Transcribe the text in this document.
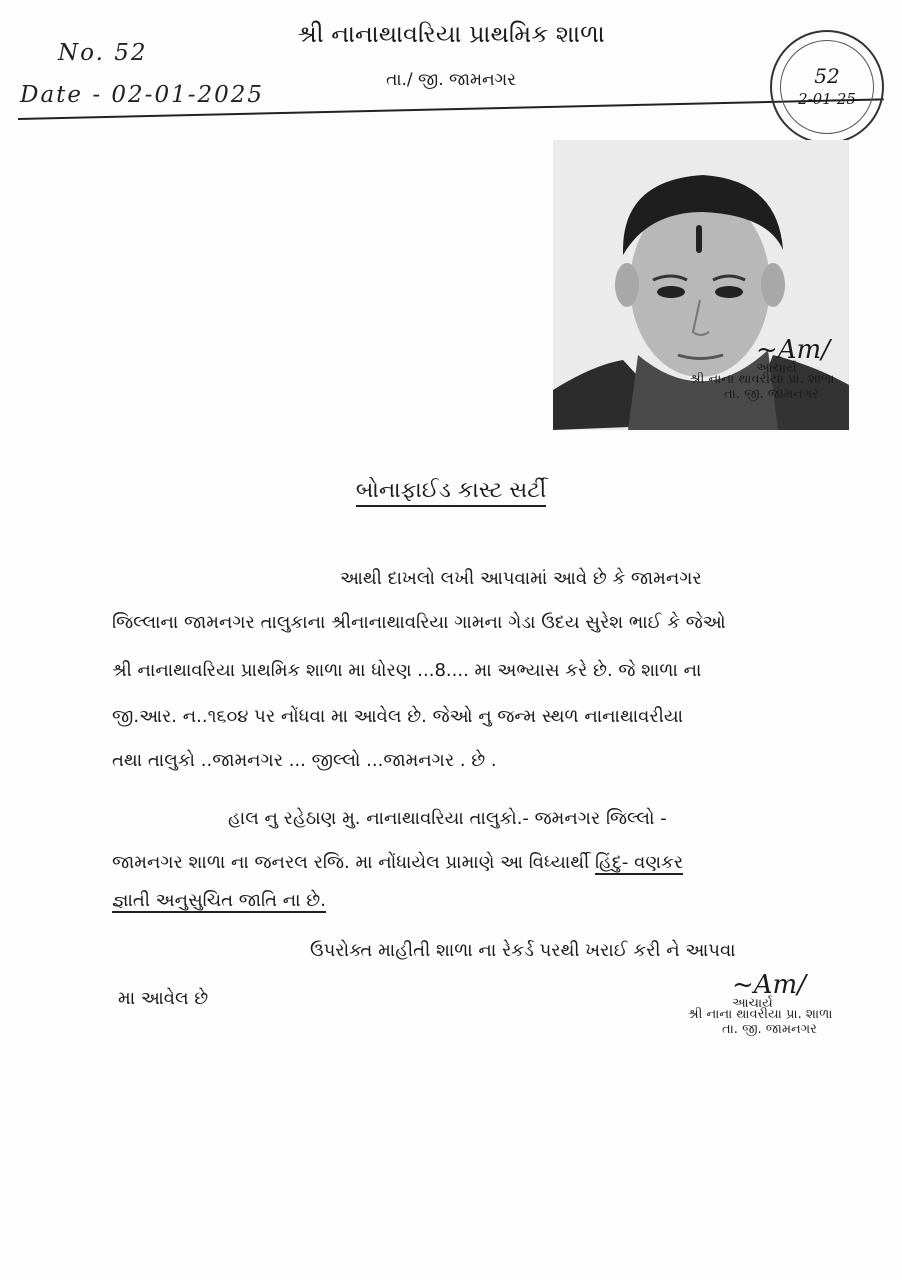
No. 52
Date - 02-01-2025
શ્રી નાનાથાવરિયા પ્રાથમિક શાળા
તા./ જી. જામનગર	52
2-01-25
~Am/
આચાર્ય
શ્રી નાના થાવરીયા પ્રા. શાળા
તા. જી. જામનગર
બોનાફાઈડ કાસ્ટ સર્ટી
આથી દાખલો લખી આપવામાં આવે છે કે જામનગર
જિલ્લાના જામનગર તાલુકાના શ્રીનાનાથાવરિયા ગામના ગેડા ઉદય સુરેશ ભાઈ કે જેઓ
શ્રી નાનાથાવરિયા પ્રાથમિક શાળા મા ધોરણ ...8.... મા અભ્યાસ કરે છે. જે શાળા ના
જી.આર. ન..૧૬૦૪ પર નોંધવા મા આવેલ છે. જેઓ નુ જન્મ સ્થળ નાનાથાવરીયા
તથા તાલુકો ..જામનગર ... જીલ્લો ...જામનગર . છે .
હાલ નુ રહેઠાણ મુ. નાનાથાવરિયા તાલુકો.- જમનગર જિલ્લો -
જામનગર શાળા ના જનરલ રજિ. મા નોંધાયેલ પ્રામાણે આ વિધ્યાર્થી હિંદુ- વણકર
જ્ઞાતી અનુસુચિત જાતિ ના છે.
ઉપરોક્ત માહીતી શાળા ના રેકર્ડ પરથી ખરાઈ કરી ને આપવા
મા આવેલ છે	~Am/
આચાર્ય
શ્રી નાના થાવરીયા પ્રા. શાળા
તા. જી. જામનગર
